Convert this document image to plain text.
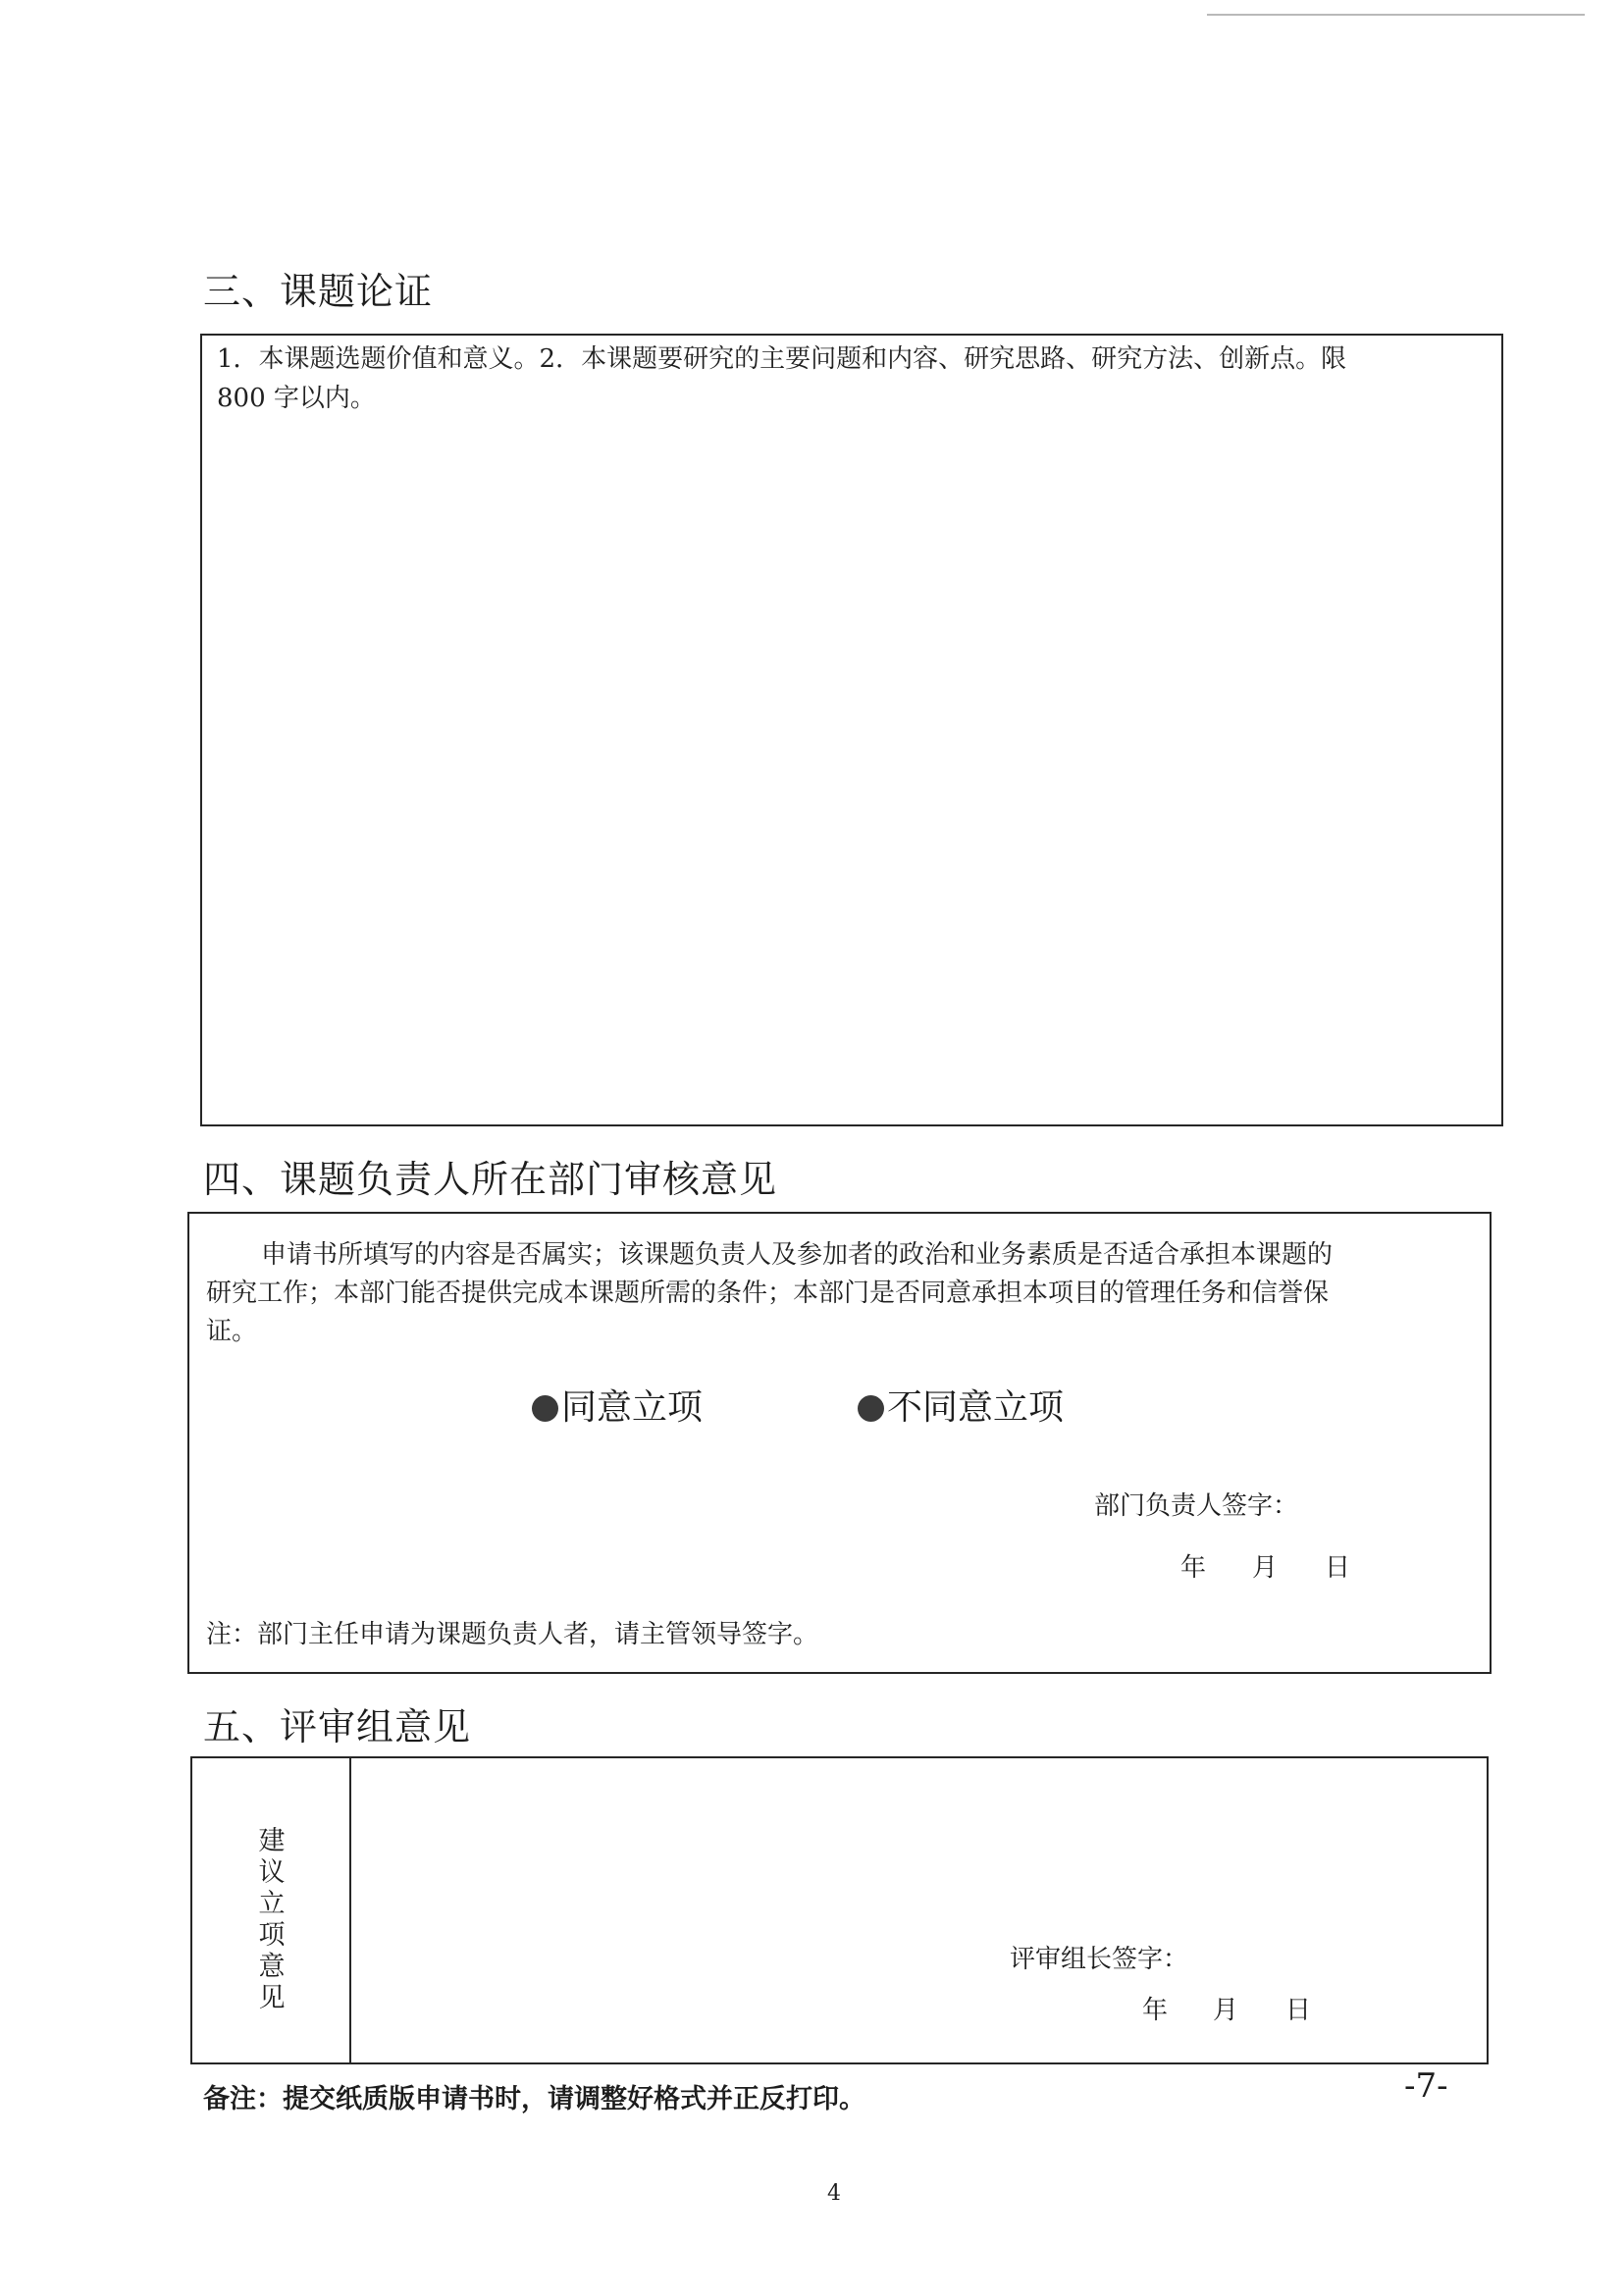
三、课题论证
1．本课题选题价值和意义。2．本课题要研究的主要问题和内容、研究思路、研究方法、创新点。限
800 字以内。
四、课题负责人所在部门审核意见
申请书所填写的内容是否属实；该课题负责人及参加者的政治和业务素质是否适合承担本课题的
研究工作；本部门能否提供完成本课题所需的条件；本部门是否同意承担本项目的管理任务和信誉保
证。
同意立项	不同意立项
部门负责人签字：
年 月 日
注：部门主任申请为课题负责人者，请主管领导签字。
五、评审组意见
建
议
立
项
意
见
评审组长签字：
年 月 日
备注：提交纸质版申请书时，请调整好格式并正反打印。	-7-
4
